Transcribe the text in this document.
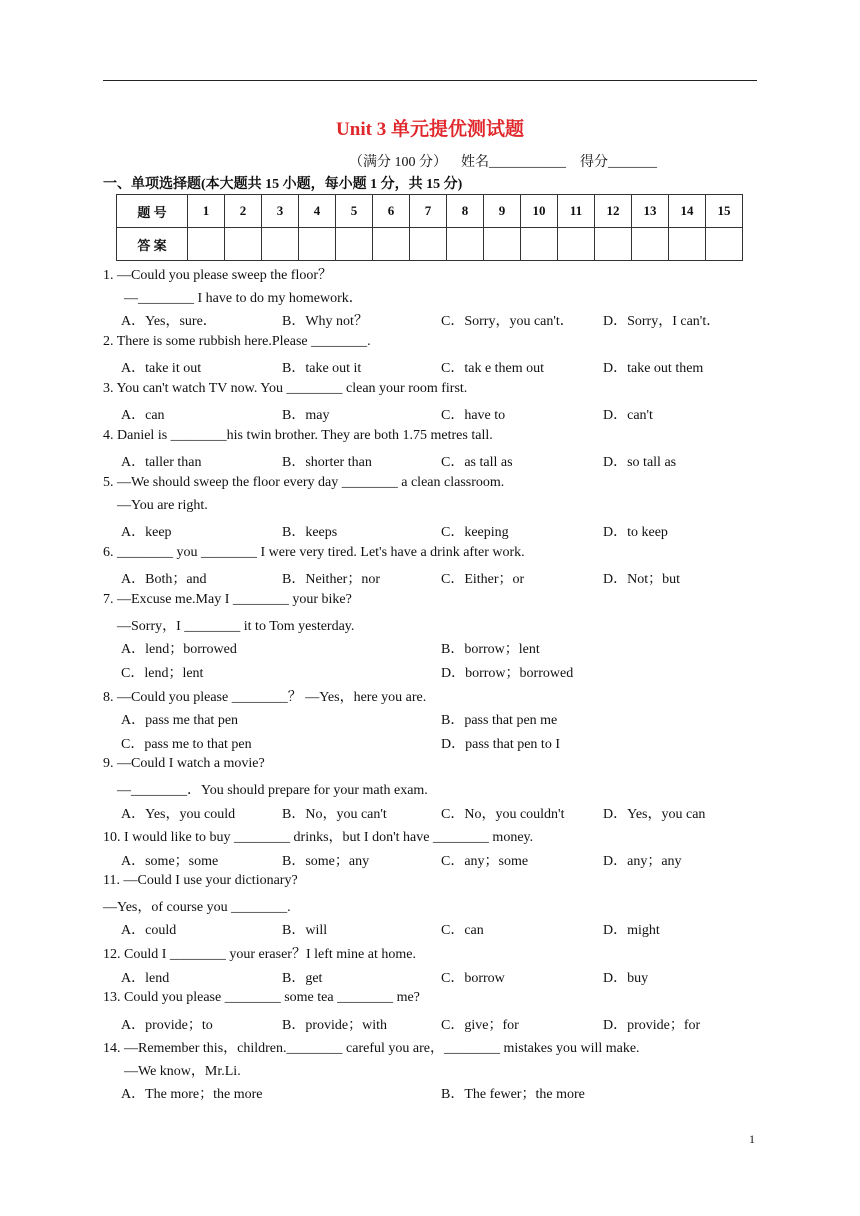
Unit 3 单元提优测试题
（满分 100 分）    姓名___________    得分_______
一、单项选择题(本大题共 15 小题，每小题 1 分，共 15 分)
题 号	1	2	3	4	5	6	7	8	9	10	11	12	13	14	15
答 案															
1. —Could you please sweep the floor？
—________ I have to do my homework．
A．Yes，sure．	B．Why not？	C．Sorry，you can't． D．Sorry，I can't．
2. There is some rubbish here.Please ________.
A．take it out	B．take out it	C．tak e them out	D．take out them
3. You can't watch TV now. You ________ clean your room first.
A．can	B．may	C．have to	D．can't
4. Daniel is ________his twin brother. They are both 1.75 metres tall.
A．taller than	B．shorter than	C．as tall as	D．so tall as
5. —We should sweep the floor every day ________ a clean classroom.
—You are right.
A．keep	B．keeps	C．keeping	D．to keep
6. ________ you ________ I were very tired. Let's have a drink after work.
A．Both；and	B．Neither；nor	C．Either；or	D．Not；but
7. —Excuse me.May I ________ your bike?
—Sorry，I ________ it to Tom yesterday.
A．lend；borrowed	B．borrow；lent
C．lend；lent	D．borrow；borrowed
8. —Could you please ________？ —Yes，here you are.
A．pass me that pen	B．pass that pen me
C．pass me to that pen	D．pass that pen to I
9. —Could I watch a movie?
—________．You should prepare for your math exam.
A．Yes，you could	B．No，you can't	C．No，you couldn't	D．Yes，you can
10. I would like to buy ________ drinks，but I don't have ________ money.
A．some；some	B．some；any	C．any；some	D．any；any
11. —Could I use your dictionary?
—Yes，of course you ________.
A．could	B．will	C．can	D．might
12. Could I ________ your eraser？I left mine at home.
A．lend	B．get	C．borrow	D．buy
13. Could you please ________ some tea ________ me?
A．provide；to	B．provide；with	C．give；for	D．provide；for
14. —Remember this，children.________ careful you are，________ mistakes you will make.
—We know，Mr.Li.
A．The more；the more	B．The fewer；the more
1
